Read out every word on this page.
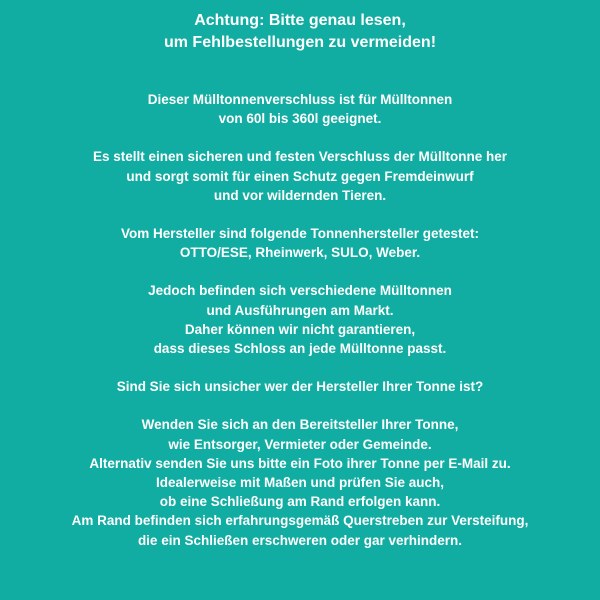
Achtung: Bitte genau lesen,
um Fehlbestellungen zu vermeiden!
Dieser Mülltonnenverschluss ist für Mülltonnen
von 60l bis 360l geeignet.
Es stellt einen sicheren und festen Verschluss der Mülltonne her
und sorgt somit für einen Schutz gegen Fremdeinwurf
und vor wildernden Tieren.
Vom Hersteller sind folgende Tonnenhersteller getestet:
OTTO/ESE, Rheinwerk, SULO, Weber.
Jedoch befinden sich verschiedene Mülltonnen
und Ausführungen am Markt.
Daher können wir nicht garantieren,
dass dieses Schloss an jede Mülltonne passt.
Sind Sie sich unsicher wer der Hersteller Ihrer Tonne ist?
Wenden Sie sich an den Bereitsteller Ihrer Tonne,
wie Entsorger, Vermieter oder Gemeinde.
Alternativ senden Sie uns bitte ein Foto ihrer Tonne per E-Mail zu.
Idealerweise mit Maßen und prüfen Sie auch,
ob eine Schließung am Rand erfolgen kann.
Am Rand befinden sich erfahrungsgemäß Querstreben zur Versteifung,
die ein Schließen erschweren oder gar verhindern.
